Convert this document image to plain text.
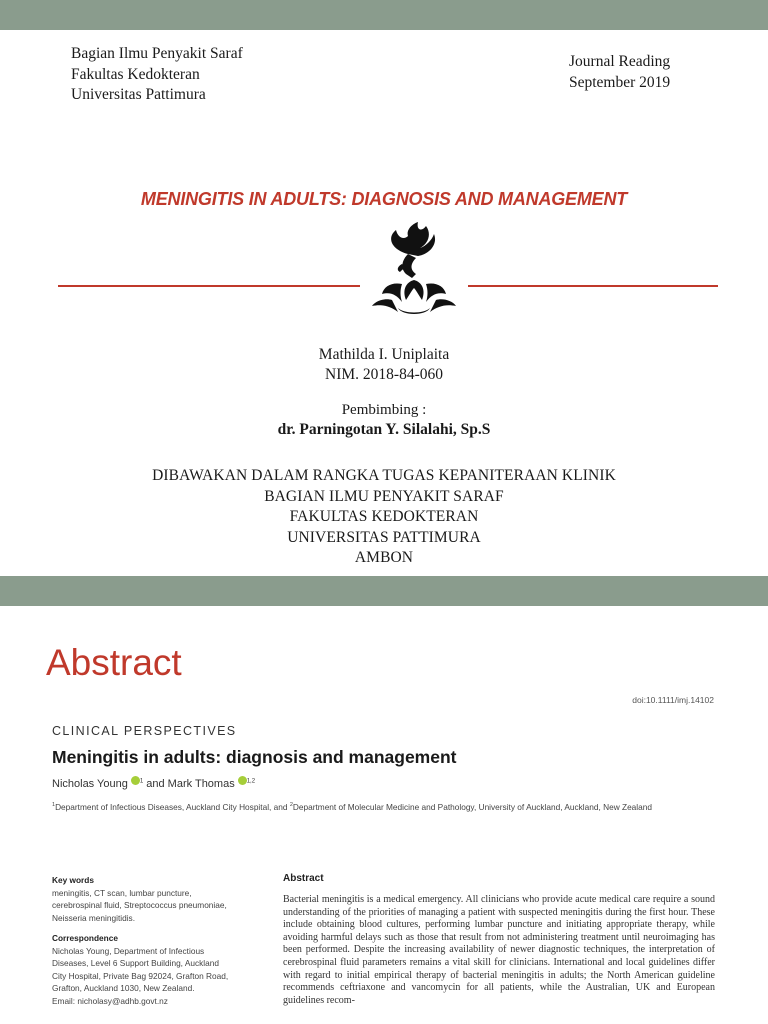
Bagian Ilmu Penyakit Saraf
Fakultas Kedokteran
Universitas Pattimura
Journal Reading
September 2019
MENINGITIS IN ADULTS: DIAGNOSIS AND MANAGEMENT
Mathilda I. Uniplaita
NIM. 2018-84-060
Pembimbing :
dr. Parningotan Y. Silalahi, Sp.S
DIBAWAKAN DALAM RANGKA TUGAS KEPANITERAAN KLINIK
BAGIAN ILMU PENYAKIT SARAF
FAKULTAS KEDOKTERAN
UNIVERSITAS PATTIMURA
AMBON
Abstract
doi:10.1111/imj.14102
CLINICAL PERSPECTIVES
Meningitis in adults: diagnosis and management
Nicholas Young $^1$ and Mark Thomas $^{1,2}$
$^1$Department of Infectious Diseases, Auckland City Hospital, and $^2$Department of Molecular Medicine and Pathology, University of Auckland, Auckland, New Zealand
Key words
meningitis, CT scan, lumbar puncture,
cerebrospinal fluid, Streptococcus pneumoniae,
Neisseria meningitidis.
Correspondence
Nicholas Young, Department of Infectious
Diseases, Level 6 Support Building, Auckland
City Hospital, Private Bag 92024, Grafton Road,
Grafton, Auckland 1030, New Zealand.
Email: nicholasy@adhb.govt.nz
Abstract
Bacterial meningitis is a medical emergency. All clinicians who provide acute medical care require a sound understanding of the priorities of managing a patient with suspected meningitis during the first hour. These include obtaining blood cultures, performing lumbar puncture and initiating appropriate therapy, while avoiding harmful delays such as those that result from not administering treatment until neuroimaging has been performed. Despite the increasing availability of newer diagnostic techniques, the interpretation of cerebrospinal fluid parameters remains a vital skill for clinicians. International and local guidelines differ with regard to initial empirical therapy of bacterial meningitis in adults; the North American guideline recommends ceftriaxone and vancomycin for all patients, while the Australian, UK and European guidelines recom-
